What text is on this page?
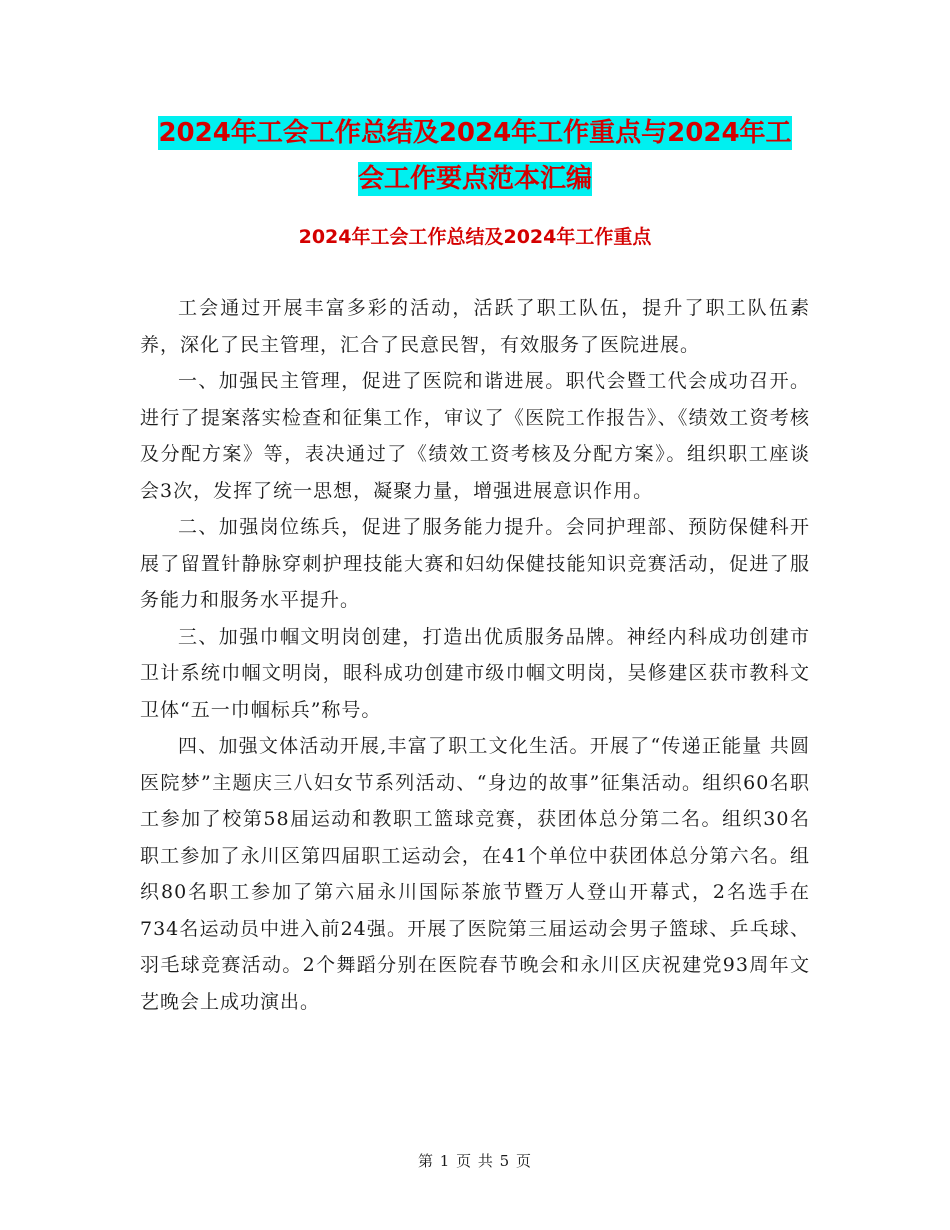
2024年工会工作总结及2024年工作重点与2024年工
会工作要点范本汇编
2024年工会工作总结及2024年工作重点

工会通过开展丰富多彩的活动，活跃了职工队伍，提升了职工队伍素养，深化了民主管理，汇合了民意民智，有效服务了医院进展。

一、加强民主管理，促进了医院和谐进展。职代会暨工代会成功召开。进行了提案落实检查和征集工作，审议了《医院工作报告》、《绩效工资考核及分配方案》等，表决通过了《绩效工资考核及分配方案》。组织职工座谈会3次，发挥了统一思想，凝聚力量，增强进展意识作用。

二、加强岗位练兵，促进了服务能力提升。会同护理部、预防保健科开展了留置针静脉穿刺护理技能大赛和妇幼保健技能知识竞赛活动，促进了服务能力和服务水平提升。

三、加强巾帼文明岗创建，打造出优质服务品牌。神经内科成功创建市卫计系统巾帼文明岗，眼科成功创建市级巾帼文明岗，吴修建区获市教科文卫体“五一巾帼标兵”称号。

四、加强文体活动开展,丰富了职工文化生活。开展了“传递正能量 共圆医院梦”主题庆三八妇女节系列活动、“身边的故事”征集活动。组织60名职工参加了校第58届运动和教职工篮球竞赛，获团体总分第二名。组织30名职工参加了永川区第四届职工运动会，在41个单位中获团体总分第六名。组织80名职工参加了第六届永川国际茶旅节暨万人登山开幕式，2名选手在734名运动员中进入前24强。开展了医院第三届运动会男子篮球、乒乓球、羽毛球竞赛活动。2个舞蹈分别在医院春节晚会和永川区庆祝建党93周年文艺晚会上成功演出。

第 1 页 共 5 页
